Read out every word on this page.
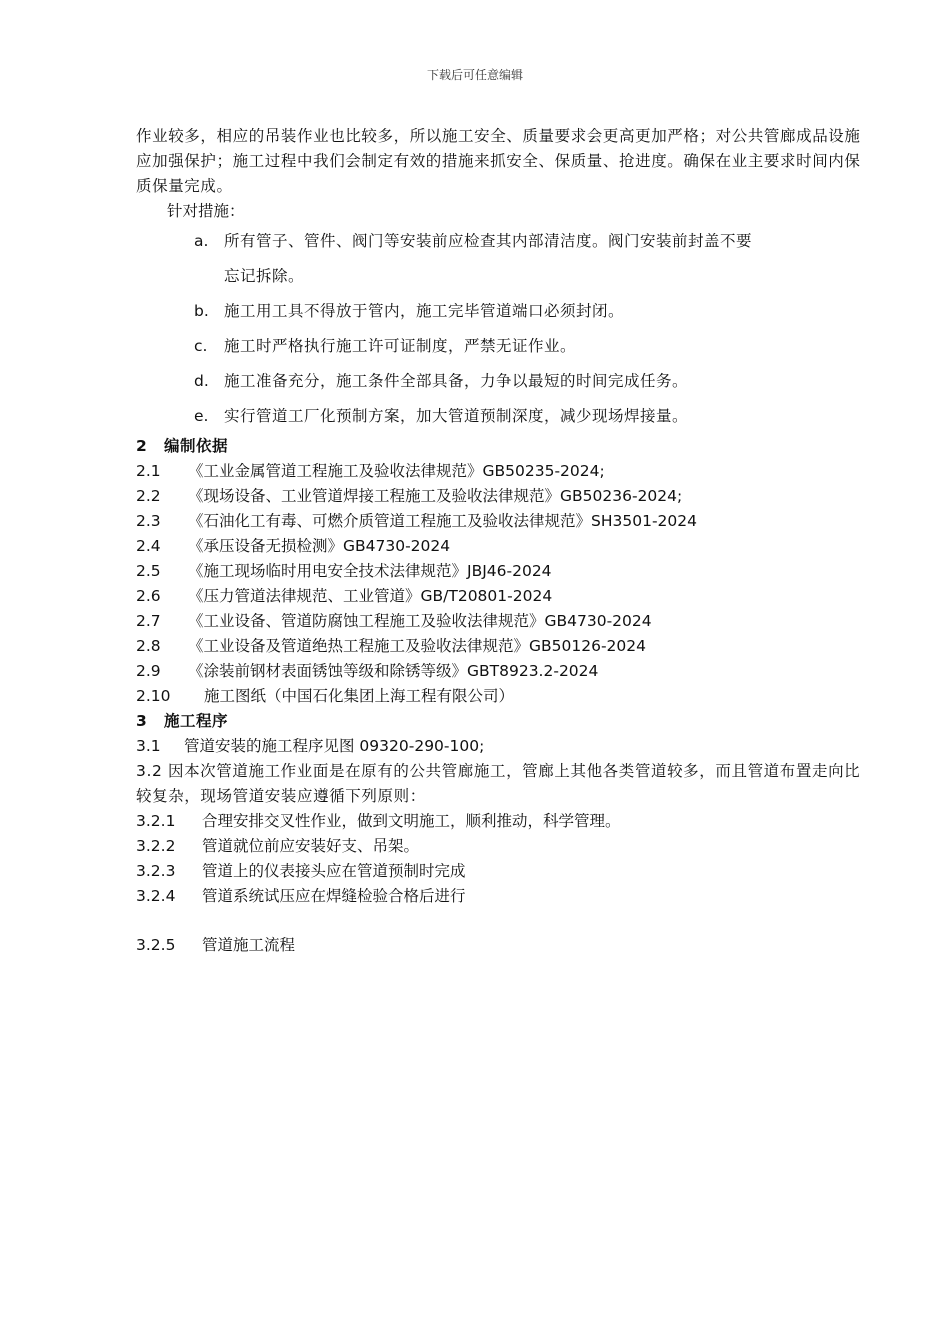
下载后可任意编辑

作业较多，相应的吊装作业也比较多，所以施工安全、质量要求会更高更加严格；对公共管廊成品设施应加强保护；施工过程中我们会制定有效的措施来抓安全、保质量、抢进度。确保在业主要求时间内保质保量完成。

针对措施：

a.	所有管子、管件、阀门等安装前应检查其内部清洁度。阀门安装前封盖不要
忘记拆除。
b. 施工用工具不得放于管内，施工完毕管道端口必须封闭。
c.	施工时严格执行施工许可证制度，严禁无证作业。
d. 施工准备充分，施工条件全部具备，力争以最短的时间完成任务。
e.	实行管道工厂化预制方案，加大管道预制深度，减少现场焊接量。

2 编制依据

2.1 《工业金属管道工程施工及验收法律规范》GB50235-2024;

2.2 《现场设备、工业管道焊接工程施工及验收法律规范》GB50236-2024;

2.3 《石油化工有毒、可燃介质管道工程施工及验收法律规范》SH3501-2024

2.4 《承压设备无损检测》GB4730-2024

2.5 《施工现场临时用电安全技术法律规范》JBJ46-2024

2.6 《压力管道法律规范、工业管道》GB/T20801-2024

2.7 《工业设备、管道防腐蚀工程施工及验收法律规范》GB4730-2024

2.8 《工业设备及管道绝热工程施工及验收法律规范》GB50126-2024

2.9 《涂装前钢材表面锈蚀等级和除锈等级》GBT8923.2-2024

2.10 施工图纸（中国石化集团上海工程有限公司）

3 施工程序

3.1 管道安装的施工程序见图 09320-290-100;

3.2 因本次管道施工作业面是在原有的公共管廊施工，管廊上其他各类管道较多，而且管道布置走向比较复杂，现场管道安装应遵循下列原则：

3.2.1 合理安排交叉性作业，做到文明施工，顺利推动，科学管理。

3.2.2 管道就位前应安装好支、吊架。

3.2.3 管道上的仪表接头应在管道预制时完成

3.2.4 管道系统试压应在焊缝检验合格后进行

3.2.5 管道施工流程
